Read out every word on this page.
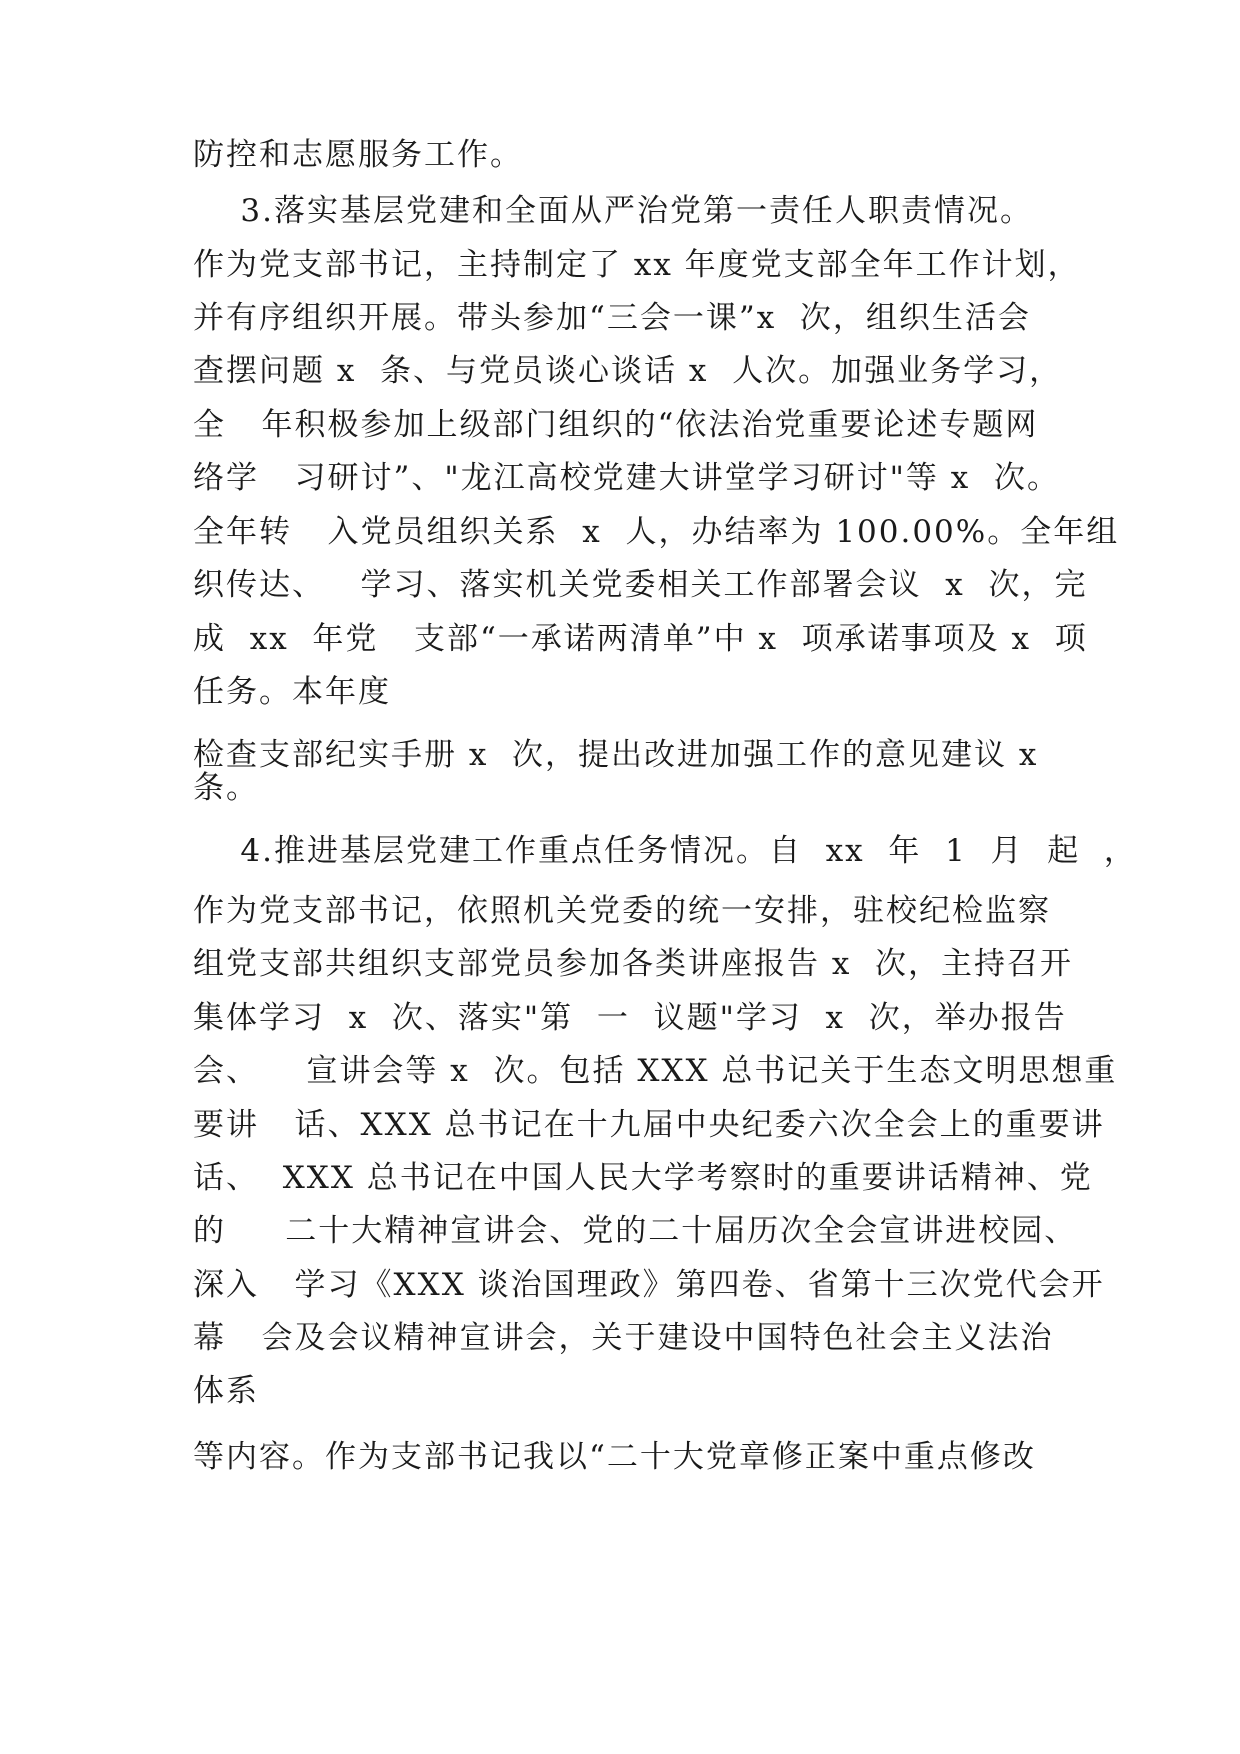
防控和志愿服务工作。
3.落实基层党建和全面从严治党第一责任人职责情况。
作为党支部书记，主持制定了 xx 年度党支部全年工作计划，
并有序组织开展。带头参加“三会一课”x  次，组织生活会
查摆问题 x  条、与党员谈心谈话 x  人次。加强业务学习，
全   年积极参加上级部门组织的“依法治党重要论述专题网
络学   习研讨”、"龙江高校党建大讲堂学习研讨"等 x  次。
全年转   入党员组织关系  x  人，办结率为 100.00%。全年组
织传达、   学习、落实机关党委相关工作部署会议  x  次，完
成  xx  年党   支部“一承诺两清单”中 x  项承诺事项及 x  项
任务。本年度
检查支部纪实手册 x  次，提出改进加强工作的意见建议 x
条。
4.推进基层党建工作重点任务情况。自  xx  年  1  月  起  ，
作为党支部书记，依照机关党委的统一安排，驻校纪检监察
组党支部共组织支部党员参加各类讲座报告 x  次，主持召开
集体学习  x  次、落实"第  一  议题"学习  x  次，举办报告
会、    宣讲会等 x  次。包括 XXX 总书记关于生态文明思想重
要讲   话、XXX 总书记在十九届中央纪委六次全会上的重要讲
话、  XXX 总书记在中国人民大学考察时的重要讲话精神、党
的     二十大精神宣讲会、党的二十届历次全会宣讲进校园、
深入   学习《XXX 谈治国理政》第四卷、省第十三次党代会开
幕   会及会议精神宣讲会，关于建设中国特色社会主义法治
体系
等内容。作为支部书记我以“二十大党章修正案中重点修改
